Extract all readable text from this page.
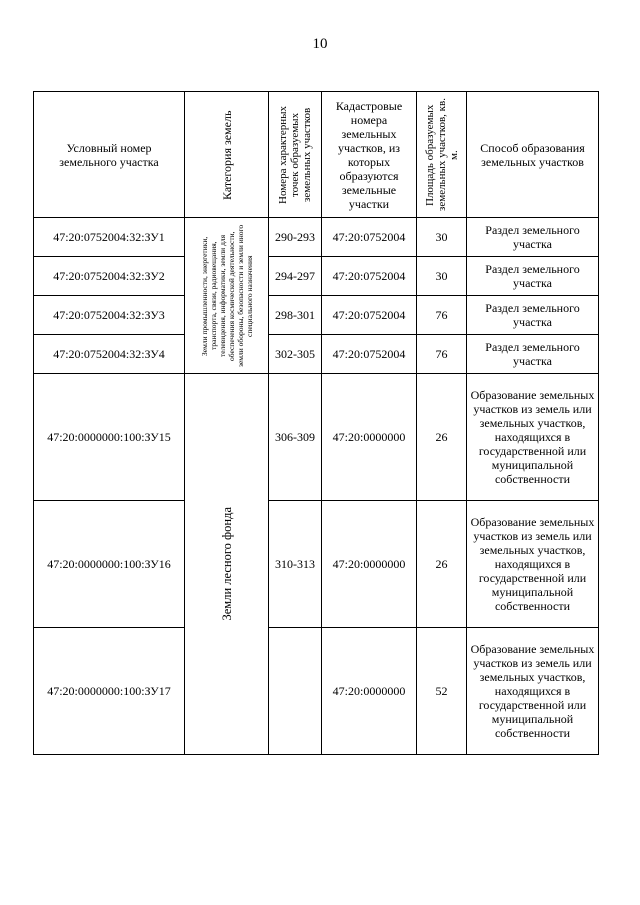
10
Условный номер земельного участка	Категория земель	Номера характерных точек образуемых земельных участков	Кадастровые номера земельных участков, из которых образуются земельные участки	Площадь образуемых земельных участков, кв. м.	Способ образования земельных участков

47:20:0752004:32:ЗУ1	Земли промышленности, энергетики, транспорта, связи, радиовещания, телевидения, информатики, земли для обеспечения космической деятельности, земли обороны, безопасности и земли иного специального назначения	290-293	47:20:0752004	30	Раздел земельного участка

47:20:0752004:32:ЗУ2		294-297	47:20:0752004	30	Раздел земельного участка

47:20:0752004:32:ЗУ3		298-301	47:20:0752004	76	Раздел земельного участка

47:20:0752004:32:ЗУ4		302-305	47:20:0752004	76	Раздел земельного участка

47:20:0000000:100:ЗУ15	Земли лесного фонда	306-309	47:20:0000000	26	Образование земельных участков из земель или земельных участков, находящихся в государственной или муниципальной собственности

47:20:0000000:100:ЗУ16		310-313	47:20:0000000	26	Образование земельных участков из земель или земельных участков, находящихся в государственной или муниципальной собственности

47:20:0000000:100:ЗУ17			47:20:0000000	52	Образование земельных участков из земель или земельных участков, находящихся в государственной или муниципальной собственности
